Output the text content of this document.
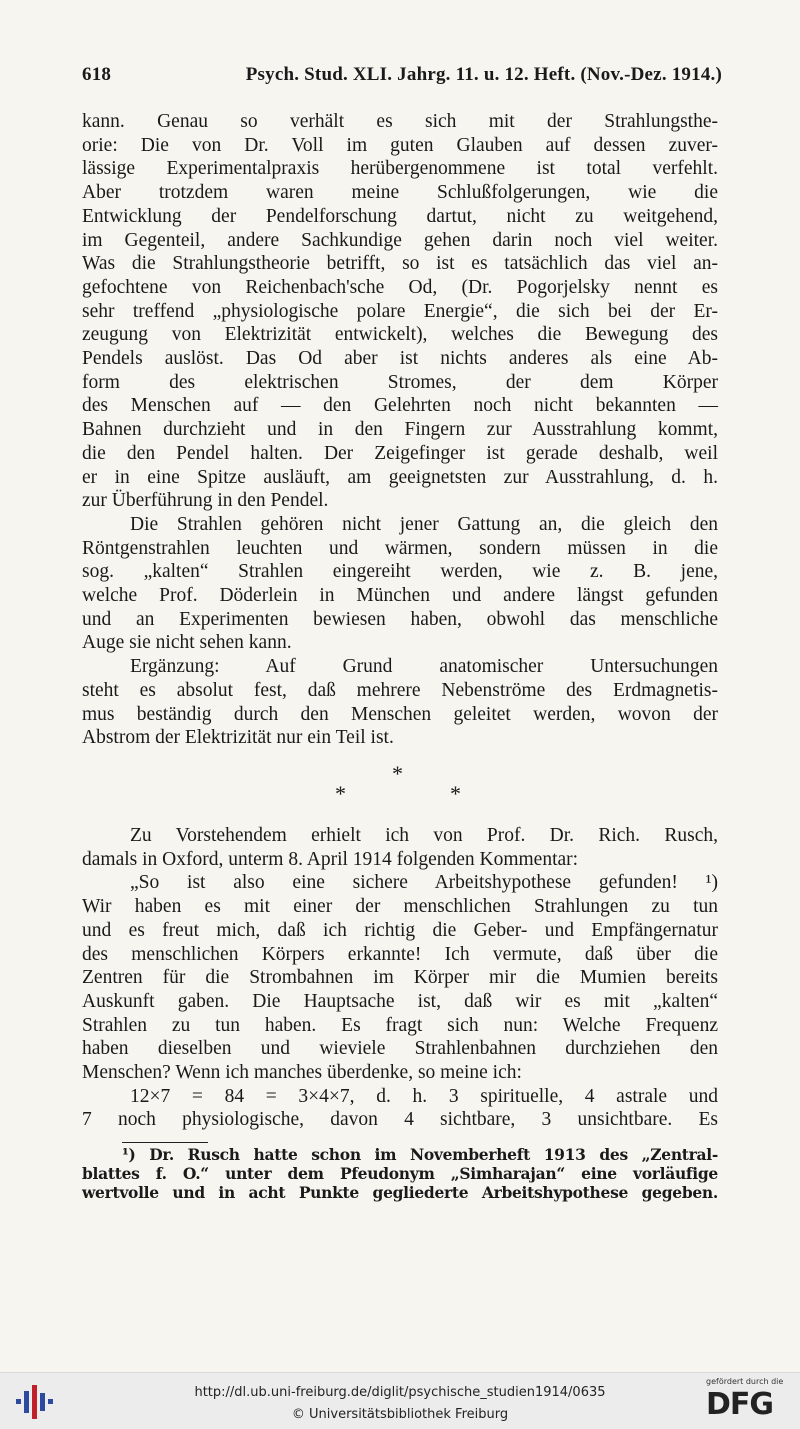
618	Psych. Stud. XLI. Jahrg. 11. u. 12. Heft. (Nov.-Dez. 1914.)

kann. Genau so verhält es sich mit der Strahlungsthe-
orie: Die von Dr. Voll im guten Glauben auf dessen zuver-
lässige Experimentalpraxis herübergenommene ist total verfehlt.
Aber trotzdem waren meine Schlußfolgerungen, wie die
Entwicklung der Pendelforschung dartut, nicht zu weitgehend,
im Gegenteil, andere Sachkundige gehen darin noch viel weiter.
Was die Strahlungstheorie betrifft, so ist es tatsächlich das viel an-
gefochtene von Reichenbach'sche Od, (Dr. Pogorjelsky nennt es
sehr treffend „physiologische polare Energie“, die sich bei der Er-
zeugung von Elektrizität entwickelt), welches die Bewegung des
Pendels auslöst. Das Od aber ist nichts anderes als eine Ab-
form des elektrischen Stromes, der dem Körper
des Menschen auf — den Gelehrten noch nicht bekannten —
Bahnen durchzieht und in den Fingern zur Ausstrahlung kommt,
die den Pendel halten. Der Zeigefinger ist gerade deshalb, weil
er in eine Spitze ausläuft, am geeignetsten zur Ausstrahlung, d. h.
zur Überführung in den Pendel.

Die Strahlen gehören nicht jener Gattung an, die gleich den
Röntgenstrahlen leuchten und wärmen, sondern müssen in die
sog. „kalten“ Strahlen eingereiht werden, wie z. B. jene,
welche Prof. Döderlein in München und andere längst gefunden
und an Experimenten bewiesen haben, obwohl das menschliche
Auge sie nicht sehen kann.

Ergänzung: Auf Grund anatomischer Untersuchungen
steht es absolut fest, daß mehrere Nebenströme des Erdmagnetis-
mus beständig durch den Menschen geleitet werden, wovon der
Abstrom der Elektrizität nur ein Teil ist.

*
*	*

Zu Vorstehendem erhielt ich von Prof. Dr. Rich. Rusch,
damals in Oxford, unterm 8. April 1914 folgenden Kommentar:

„So ist also eine sichere Arbeitshypothese gefunden! ¹)
Wir haben es mit einer der menschlichen Strahlungen zu tun
und es freut mich, daß ich richtig die Geber- und Empfängernatur
des menschlichen Körpers erkannte! Ich vermute, daß über die
Zentren für die Strombahnen im Körper mir die Mumien bereits
Auskunft gaben. Die Hauptsache ist, daß wir es mit „kalten“
Strahlen zu tun haben. Es fragt sich nun: Welche Frequenz
haben dieselben und wieviele Strahlenbahnen durchziehen den
Menschen? Wenn ich manches überdenke, so meine ich:

12×7 = 84 = 3×4×7, d. h. 3 spirituelle, 4 astrale und
7 noch physiologische, davon 4 sichtbare, 3 unsichtbare. Es

¹) Dr. Rusch hatte schon im Novemberheft 1913 des „Zentral-
blattes f. O.“ unter dem Pfeudonym „Simharajan“ eine vorläufige
wertvolle und in acht Punkte gegliederte Arbeitshypothese gegeben.
http://dl.ub.uni-freiburg.de/diglit/psychische_studien1914/0635
© Universitätsbibliothek Freiburg
gefördert durch die
DFG
